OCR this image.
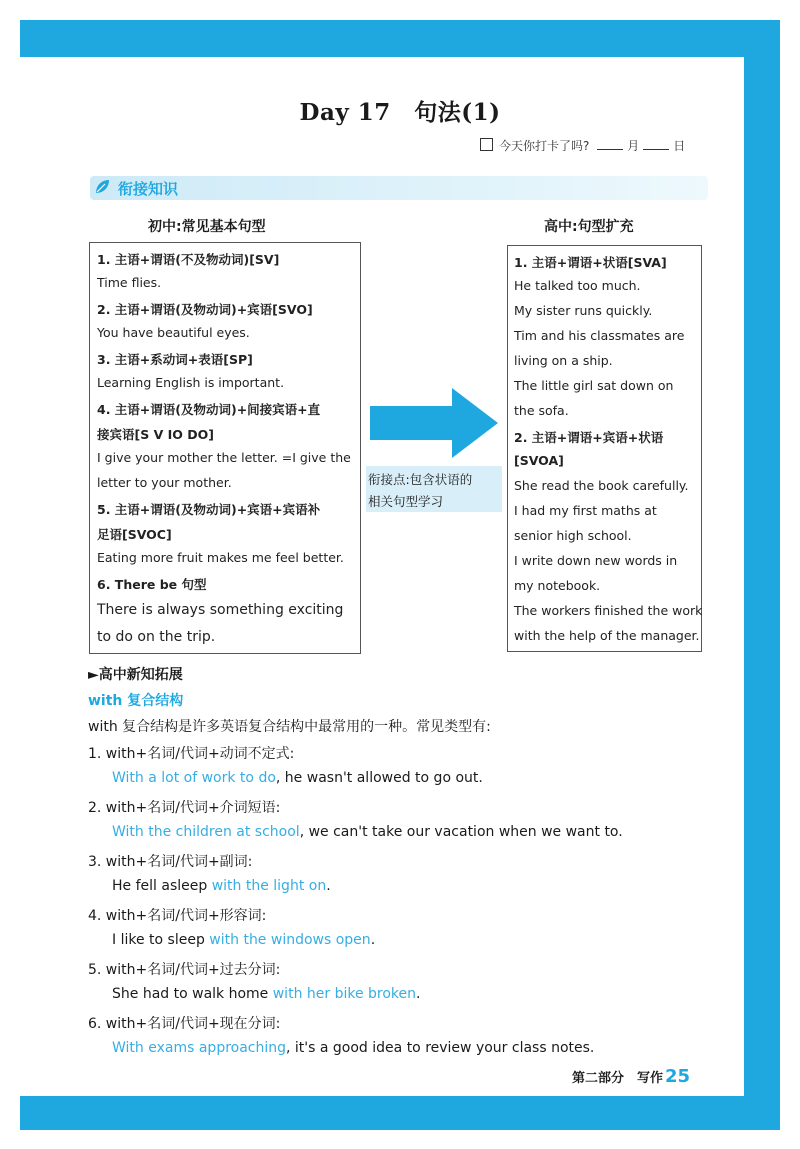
Day 17　句法(1)
今天你打卡了吗?	月	日
衔接知识
初中:常见基本句型	高中:句型扩充
1. 主语+谓语(不及物动词)[SV]
Time flies.
2. 主语+谓语(及物动词)+宾语[SVO]
You have beautiful eyes.
3. 主语+系动词+表语[SP]
Learning English is important.
4. 主语+谓语(及物动词)+间接宾语+直
接宾语[S V IO DO]
I give your mother the letter. =I give the
letter to your mother.
5. 主语+谓语(及物动词)+宾语+宾语补
足语[SVOC]
Eating more fruit makes me feel better.
6. There be 句型
There is always something exciting
to do on the trip.
衔接点:包含状语的
相关句型学习
1. 主语+谓语+状语[SVA]
He talked too much.
My sister runs quickly.
Tim and his classmates are
living on a ship.
The little girl sat down on
the sofa.
2. 主语+谓语+宾语+状语
[SVOA]
She read the book carefully.
I had my first maths at
senior high school.
I write down new words in
my notebook.
The workers finished the work
with the help of the manager.
►高中新知拓展
with 复合结构
with 复合结构是许多英语复合结构中最常用的一种。常见类型有:
1. with+名词/代词+动词不定式:
With a lot of work to do, he wasn't allowed to go out.
2. with+名词/代词+介词短语:
With the children at school, we can't take our vacation when we want to.
3. with+名词/代词+副词:
He fell asleep with the light on.
4. with+名词/代词+形容词:
I like to sleep with the windows open.
5. with+名词/代词+过去分词:
She had to walk home with her bike broken.
6. with+名词/代词+现在分词:
With exams approaching, it's a good idea to review your class notes.
第二部分　写作 25
